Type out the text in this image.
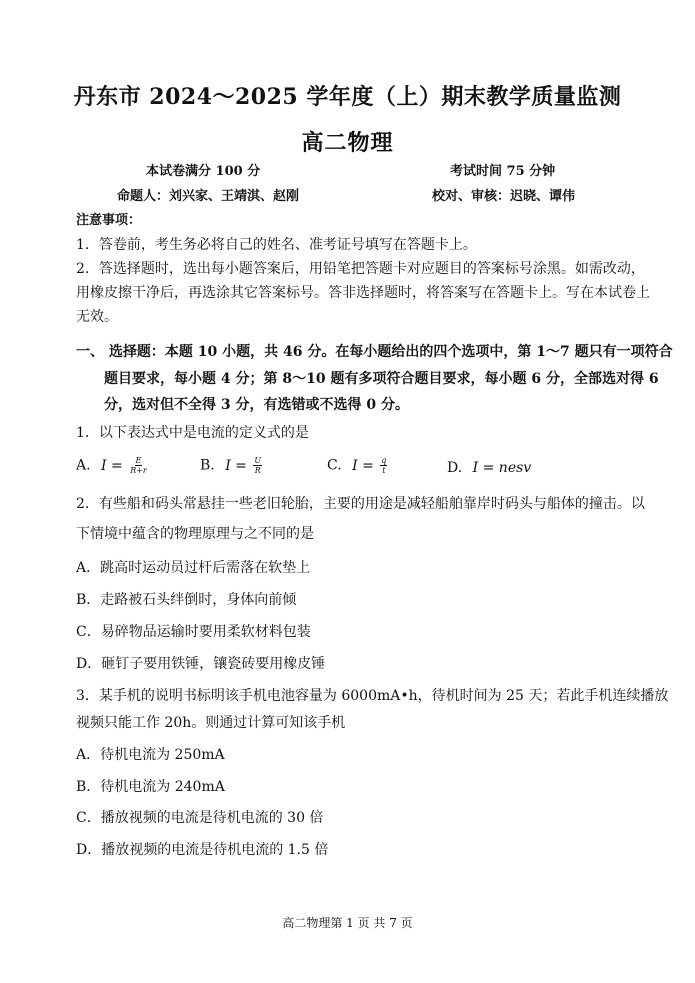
丹东市 2024～2025 学年度（上）期末教学质量监测
高二物理
本试卷满分 100 分	考试时间 75 分钟
命题人：刘兴家、王靖淇、赵刚	校对、审核：迟晓、谭伟
注意事项：
1．答卷前，考生务必将自己的姓名、准考证号填写在答题卡上。
2．答选择题时，选出每小题答案后，用铅笔把答题卡对应题目的答案标号涂黑。如需改动，
用橡皮擦干净后，再选涂其它答案标号。答非选择题时，将答案写在答题卡上。写在本试卷上
无效。
一、 选择题：本题 10 小题，共 46 分。在每小题给出的四个选项中，第 1～7 题只有一项符合
题目要求，每小题 4 分；第 8～10 题有多项符合题目要求，每小题 6 分，全部选对得 6
分，选对但不全得 3 分，有选错或不选得 0 分。
1．以下表达式中是电流的定义式的是
A. $I = \frac{E}{R+r}$	B. $I = \frac{U}{R}$	C. $I = \frac{q}{t}$	D. I = nesv
2．有些船和码头常悬挂一些老旧轮胎，主要的用途是减轻船舶靠岸时码头与船体的撞击。以
下情境中蕴含的物理原理与之不同的是
A．跳高时运动员过杆后需落在软垫上
B．走路被石头绊倒时，身体向前倾
C．易碎物品运输时要用柔软材料包装
D．砸钉子要用铁锤，镶瓷砖要用橡皮锤
3．某手机的说明书标明该手机电池容量为 6000mA•h，待机时间为 25 天；若此手机连续播放
视频只能工作 20h。则通过计算可知该手机
A．待机电流为 250mA
B．待机电流为 240mA
C．播放视频的电流是待机电流的 30 倍
D．播放视频的电流是待机电流的 1.5 倍
高二物理第 1 页 共 7 页
